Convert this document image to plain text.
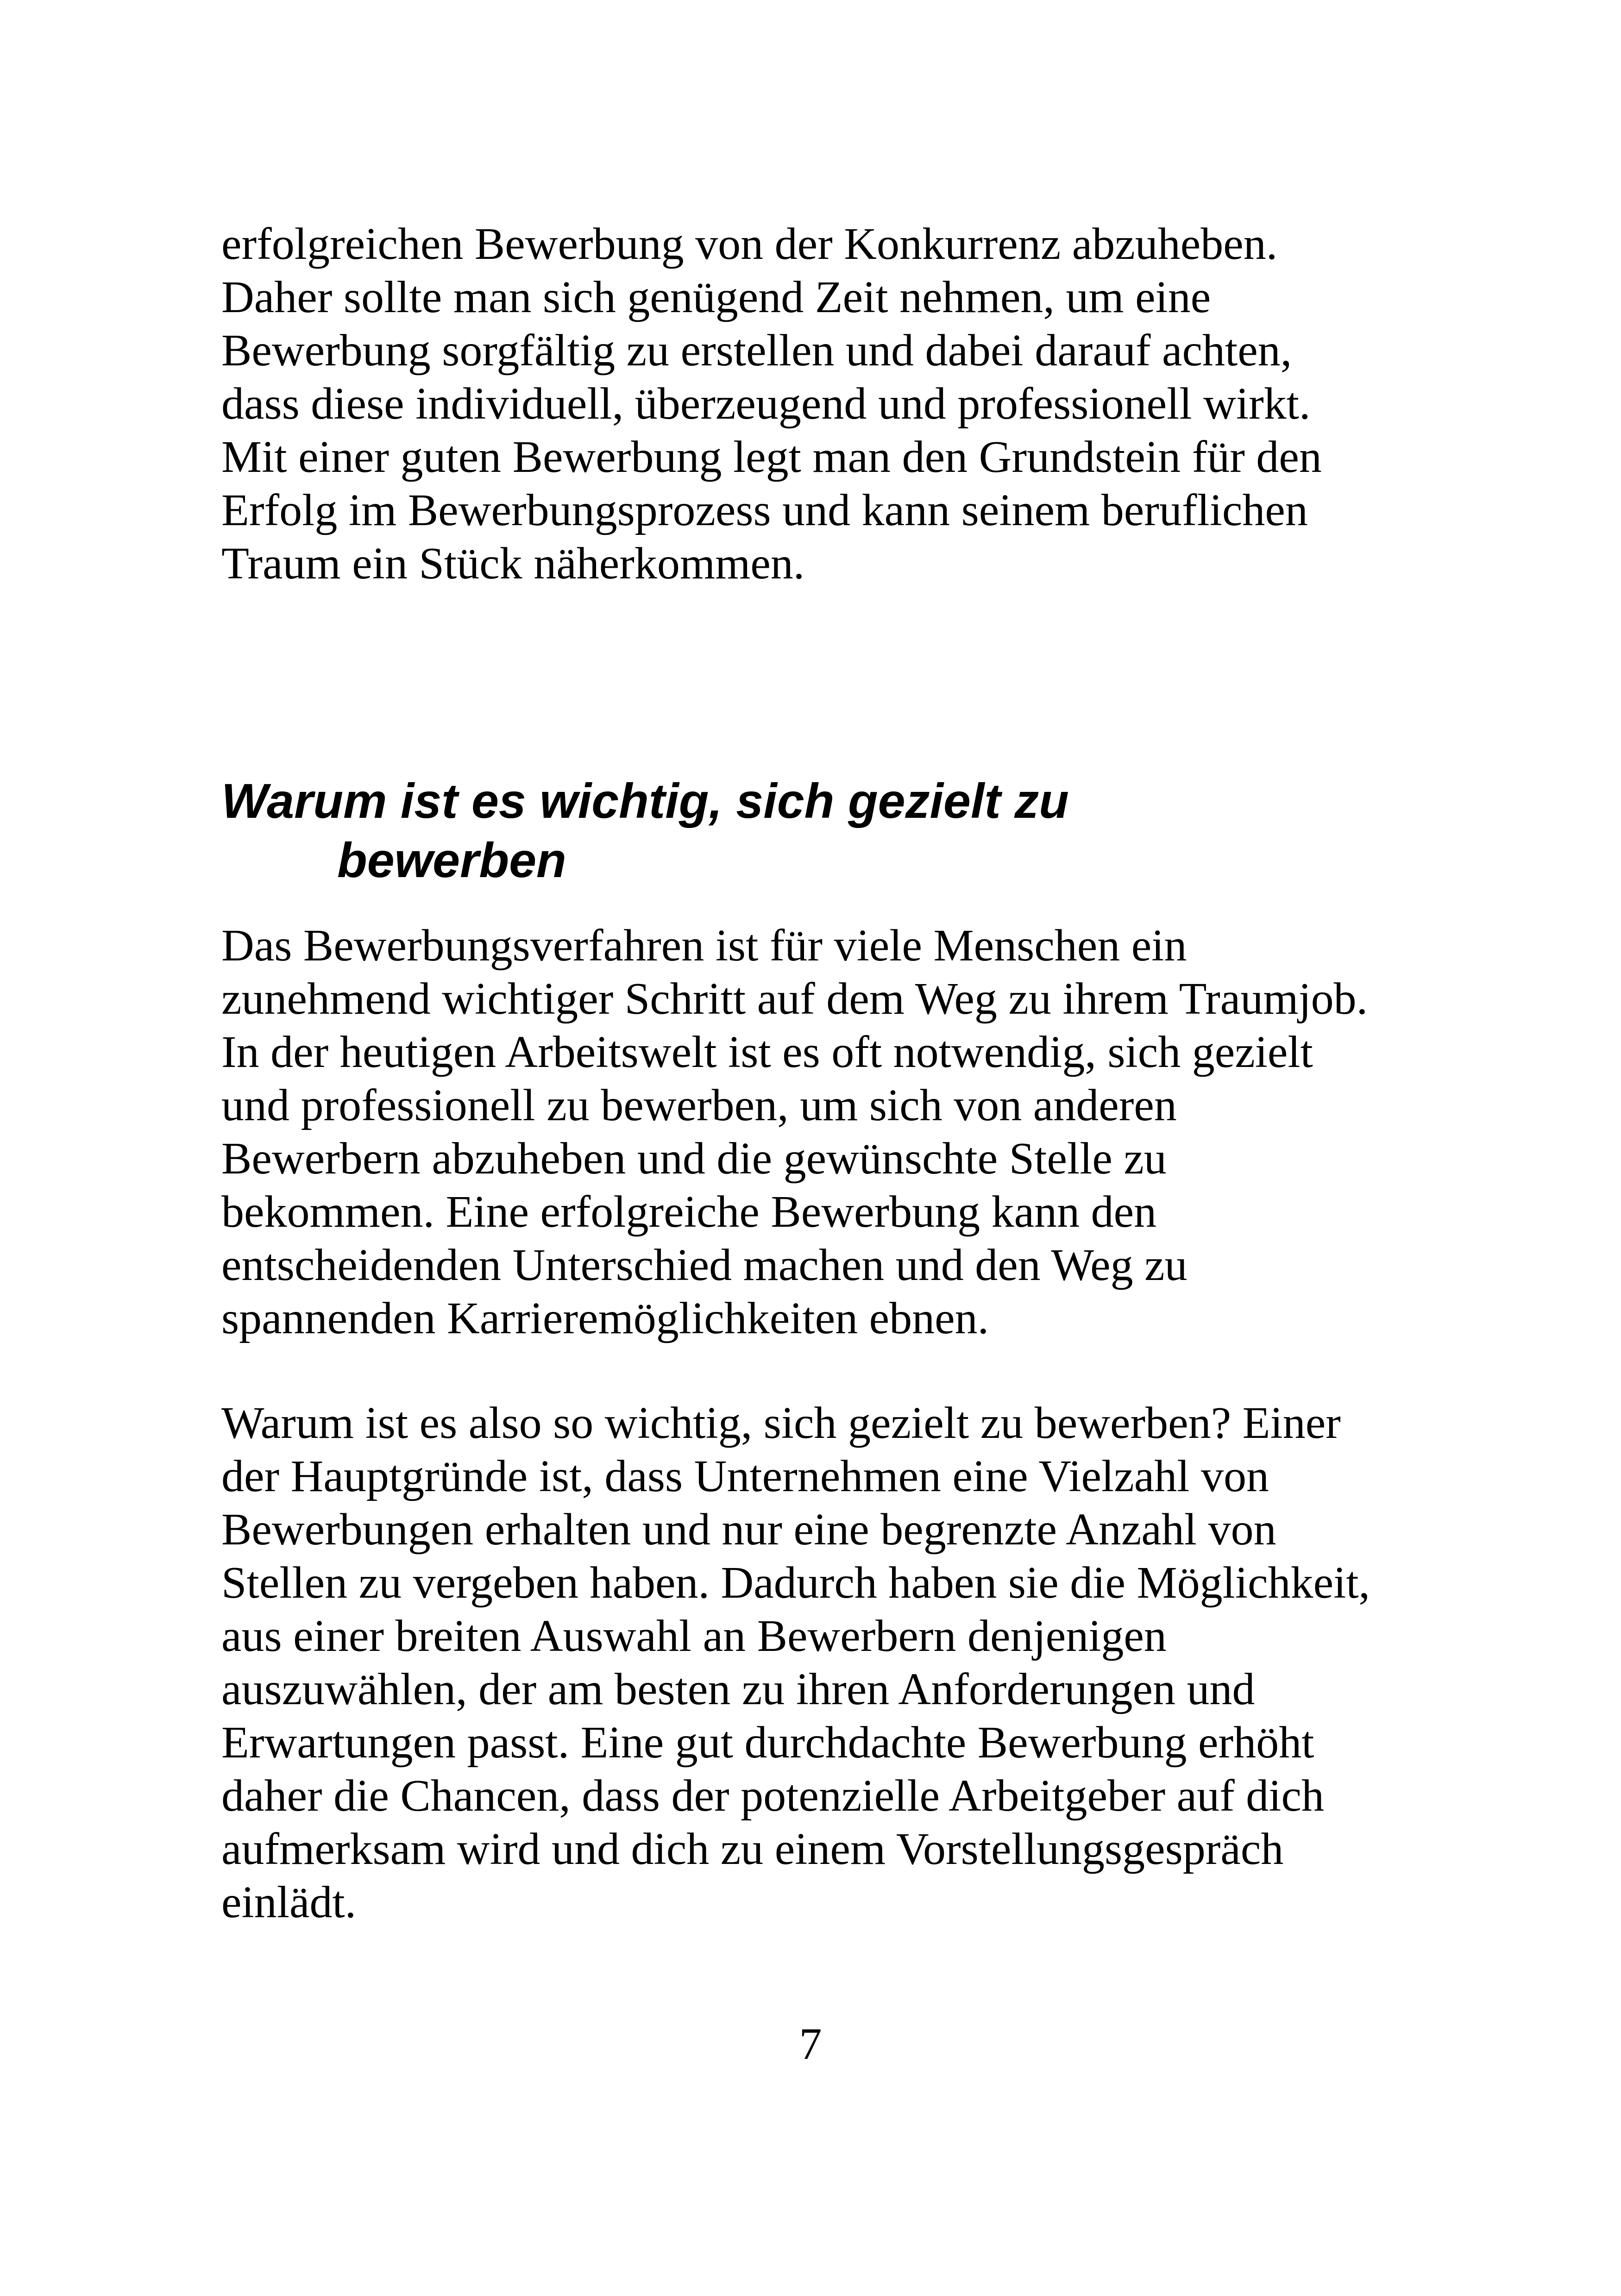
erfolgreichen Bewerbung von der Konkurrenz abzuheben.
Daher sollte man sich genügend Zeit nehmen, um eine
Bewerbung sorgfältig zu erstellen und dabei darauf achten,
dass diese individuell, überzeugend und professionell wirkt.
Mit einer guten Bewerbung legt man den Grundstein für den
Erfolg im Bewerbungsprozess und kann seinem beruflichen
Traum ein Stück näherkommen.

Warum ist es wichtig, sich gezielt zu

bewerben

Das Bewerbungsverfahren ist für viele Menschen ein
zunehmend wichtiger Schritt auf dem Weg zu ihrem Traumjob.
In der heutigen Arbeitswelt ist es oft notwendig, sich gezielt
und professionell zu bewerben, um sich von anderen
Bewerbern abzuheben und die gewünschte Stelle zu
bekommen. Eine erfolgreiche Bewerbung kann den
entscheidenden Unterschied machen und den Weg zu
spannenden Karrieremöglichkeiten ebnen.

Warum ist es also so wichtig, sich gezielt zu bewerben? Einer
der Hauptgründe ist, dass Unternehmen eine Vielzahl von
Bewerbungen erhalten und nur eine begrenzte Anzahl von
Stellen zu vergeben haben. Dadurch haben sie die Möglichkeit,
aus einer breiten Auswahl an Bewerbern denjenigen
auszuwählen, der am besten zu ihren Anforderungen und
Erwartungen passt. Eine gut durchdachte Bewerbung erhöht
daher die Chancen, dass der potenzielle Arbeitgeber auf dich
aufmerksam wird und dich zu einem Vorstellungsgespräch
einlädt.

7
